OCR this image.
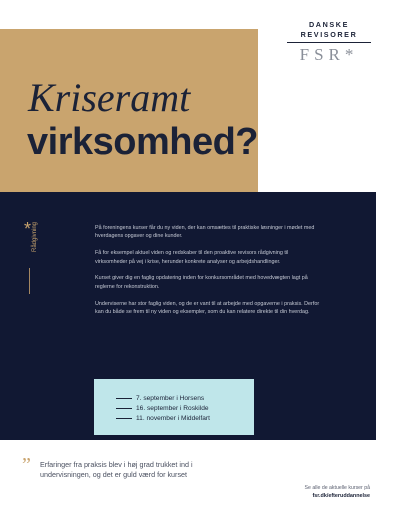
DANSKE
REVISORER
FSR*
Kriseramt
virksomhed?
* Rådgivning	På foreningens kurser får du ny viden, der kan omsættes til praktiske løsninger i mødet med hverdagens opgaver og dine kunder.

Få for eksempel aktuel viden og redskaber til den proaktive revisors rådgivning til virksomheder på vej i krise, herunder konkrete analyser og arbejdshandlinger.

Kurset giver dig en faglig opdatering inden for konkursområdet med hovedvægten lagt på reglerne for rekonstruktion.

Underviserne har stor faglig viden, og de er vant til at arbejde med opgaverne i praksis. Derfor kan du både se frem til ny viden og eksempler, som du kan relatere direkte til din hverdag.

7. september i Horsens
16. september i Roskilde
11. november i Middelfart
” Erfaringer fra praksis blev i høj grad trukket ind i undervisningen, og det er guld værd for kurset
Se alle de aktuelle kurser på
fsr.dk/efteruddannelse
